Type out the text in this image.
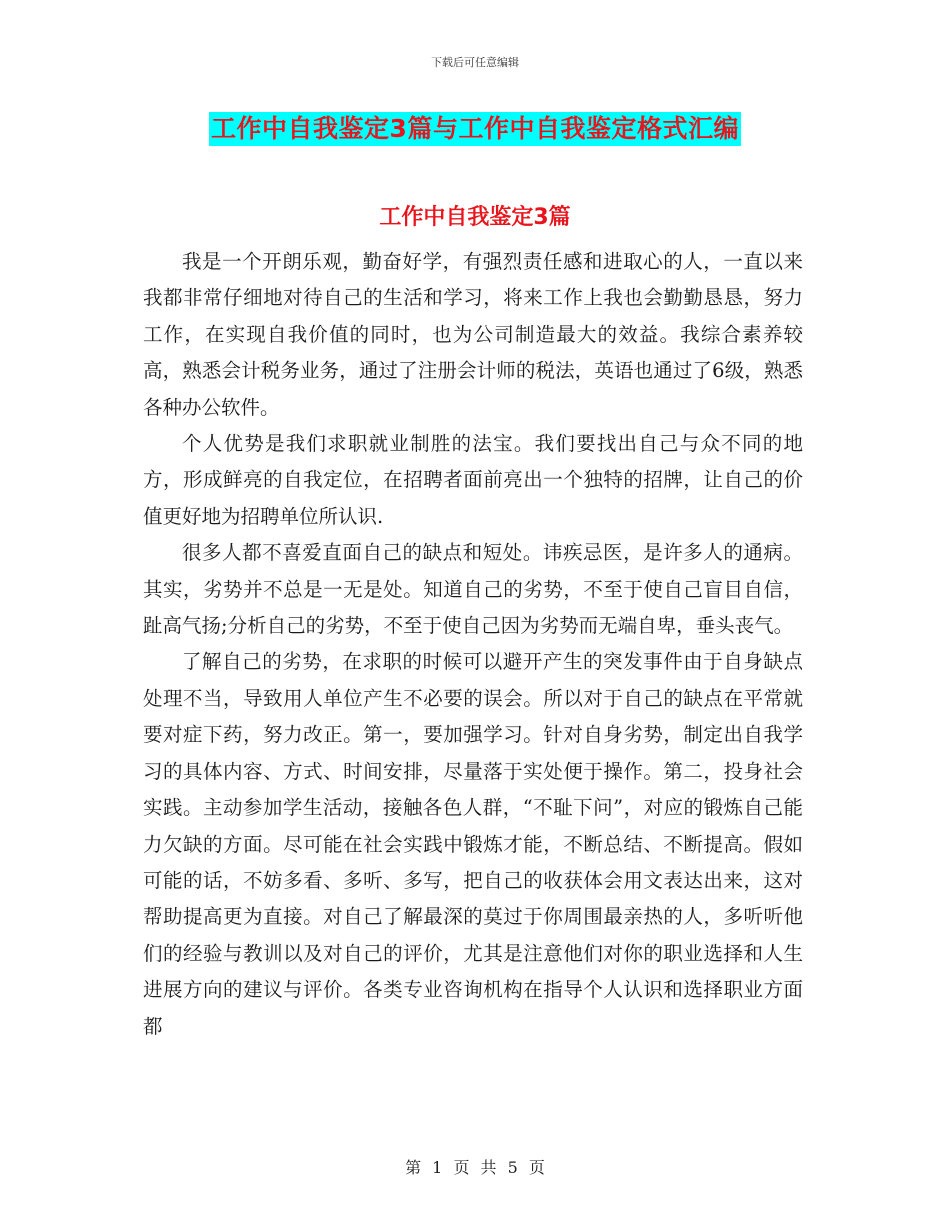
下载后可任意编辑
工作中自我鉴定3篇与工作中自我鉴定格式汇编
工作中自我鉴定3篇

我是一个开朗乐观，勤奋好学，有强烈责任感和进取心的人，一直以来我都非常仔细地对待自己的生活和学习，将来工作上我也会勤勤恳恳，努力工作，在实现自我价值的同时，也为公司制造最大的效益。我综合素养较高，熟悉会计税务业务，通过了注册会计师的税法，英语也通过了6级，熟悉各种办公软件。

个人优势是我们求职就业制胜的法宝。我们要找出自己与众不同的地方，形成鲜亮的自我定位，在招聘者面前亮出一个独特的招牌，让自己的价值更好地为招聘单位所认识.

很多人都不喜爱直面自己的缺点和短处。讳疾忌医，是许多人的通病。其实，劣势并不总是一无是处。知道自己的劣势，不至于使自己盲目自信，趾高气扬;分析自己的劣势，不至于使自己因为劣势而无端自卑，垂头丧气。

了解自己的劣势，在求职的时候可以避开产生的突发事件由于自身缺点处理不当，导致用人单位产生不必要的误会。所以对于自己的缺点在平常就要对症下药，努力改正。第一，要加强学习。针对自身劣势，制定出自我学习的具体内容、方式、时间安排，尽量落于实处便于操作。第二，投身社会实践。主动参加学生活动，接触各色人群，“不耻下问”，对应的锻炼自己能力欠缺的方面。尽可能在社会实践中锻炼才能，不断总结、不断提高。假如可能的话，不妨多看、多听、多写，把自己的收获体会用文表达出来，这对帮助提高更为直接。对自己了解最深的莫过于你周围最亲热的人，多听听他们的经验与教训以及对自己的评价，尤其是注意他们对你的职业选择和人生进展方向的建议与评价。各类专业咨询机构在指导个人认识和选择职业方面都

第 1 页 共 5 页
